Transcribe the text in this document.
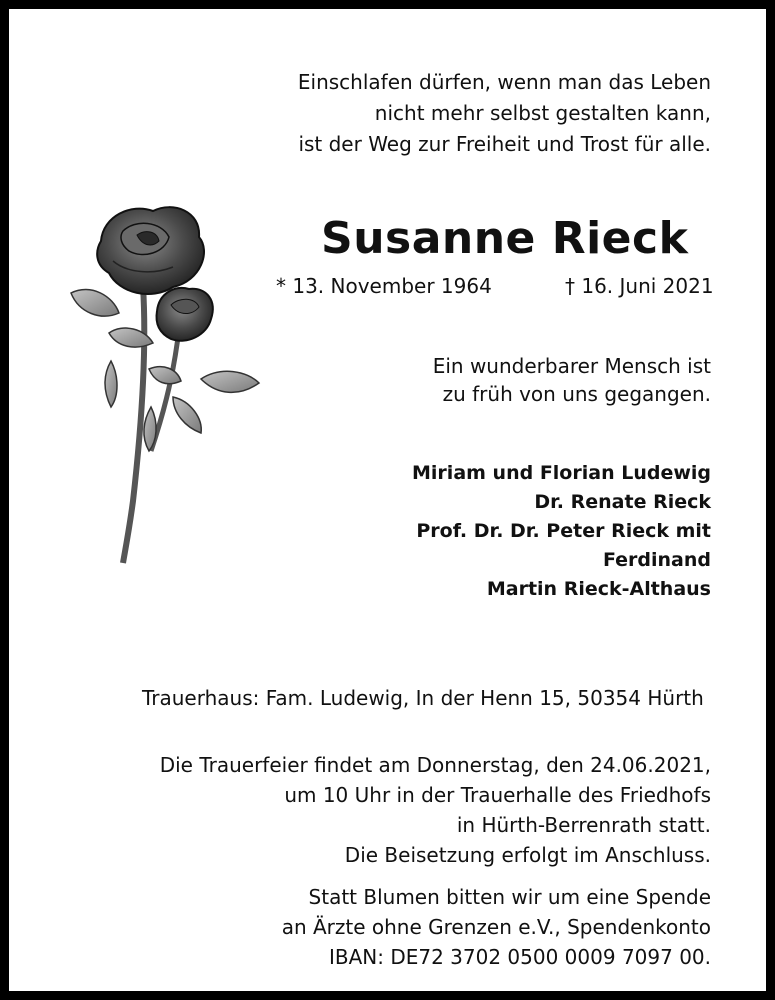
Einschlafen dürfen, wenn man das Leben
nicht mehr selbst gestalten kann,
ist der Weg zur Freiheit und Trost für alle.
Susanne Rieck
* 13. November 1964	† 16. Juni 2021
Ein wunderbarer Mensch ist
zu früh von uns gegangen.
Miriam und Florian Ludewig
Dr. Renate Rieck
Prof. Dr. Dr. Peter Rieck mit
Ferdinand
Martin Rieck-Althaus
Trauerhaus: Fam. Ludewig, In der Henn 15, 50354 Hürth
Die Trauerfeier findet am Donnerstag, den 24.06.2021,
um 10 Uhr in der Trauerhalle des Friedhofs
in Hürth-Berrenrath statt.
Die Beisetzung erfolgt im Anschluss.
Statt Blumen bitten wir um eine Spende
an Ärzte ohne Grenzen e.V., Spendenkonto
IBAN: DE72 3702 0500 0009 7097 00.
